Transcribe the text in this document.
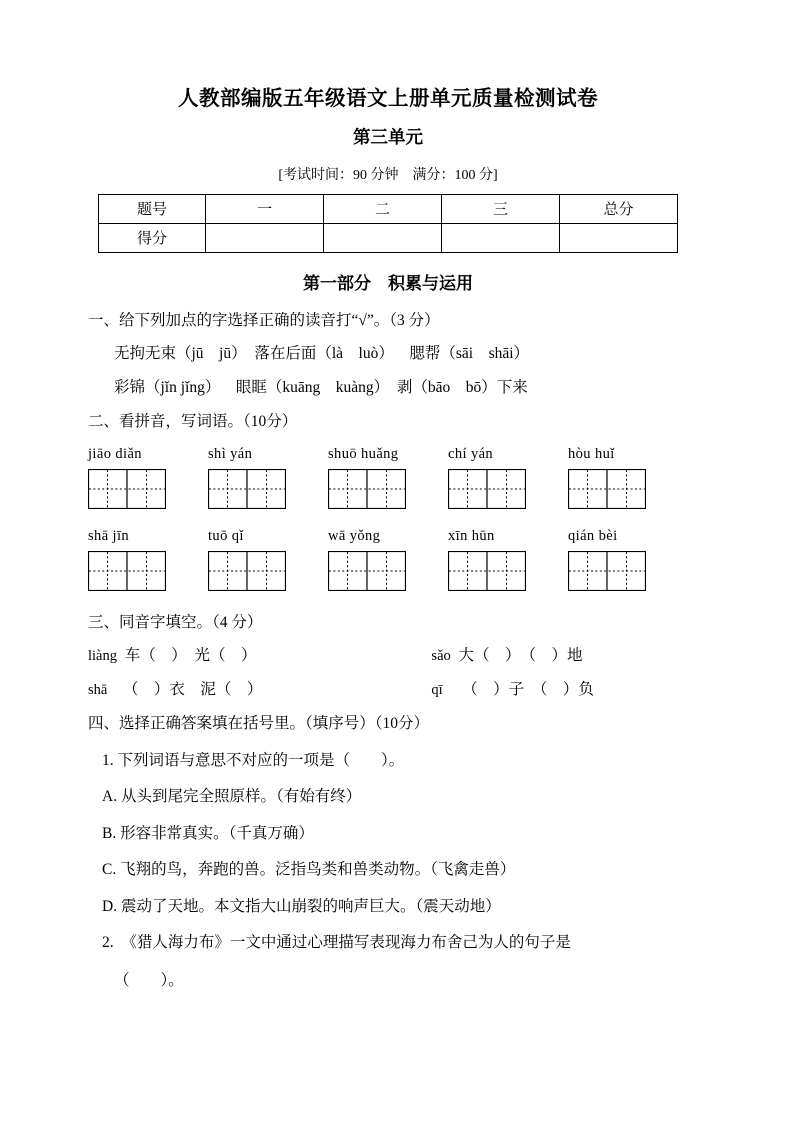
人教部编版五年级语文上册单元质量检测试卷
第三单元
[考试时间：90 分钟　满分：100 分]
题号	一	二	三	总分
得分				
第一部分　积累与运用
一、给下列加点的字选择正确的读音打“√”。（3 分）
无拘无束（jū　jū）  落在后面（là　luò）    腮帮（sāi　shāi）
彩锦（jǐn jǐng）    眼眶（kuāng　kuàng）  剥（bāo　bō）下来
二、看拼音，写词语。（10分）
jiāo diǎn	shì yán	shuō huǎng	chí yán	hòu huǐ
shā jīn	tuō qǐ	wā yǒng	xīn hūn	qián bèi
三、同音字填空。（4 分）
liàng 车（　）　光（　）	sǎo 大（　）　（　）地
shā （　）衣　泥（　）	qī （　）子　（　）负
四、选择正确答案填在括号里。（填序号）（10分）
1. 下列词语与意思不对应的一项是（　　）。
A. 从头到尾完全照原样。（有始有终）
B. 形容非常真实。（千真万确）
C. 飞翔的鸟，奔跑的兽。泛指鸟类和兽类动物。（飞禽走兽）
D. 震动了天地。本文指大山崩裂的响声巨大。（震天动地）
2.　《猎人海力布》一文中通过心理描写表现海力布舍己为人的句子是
（　　）。
